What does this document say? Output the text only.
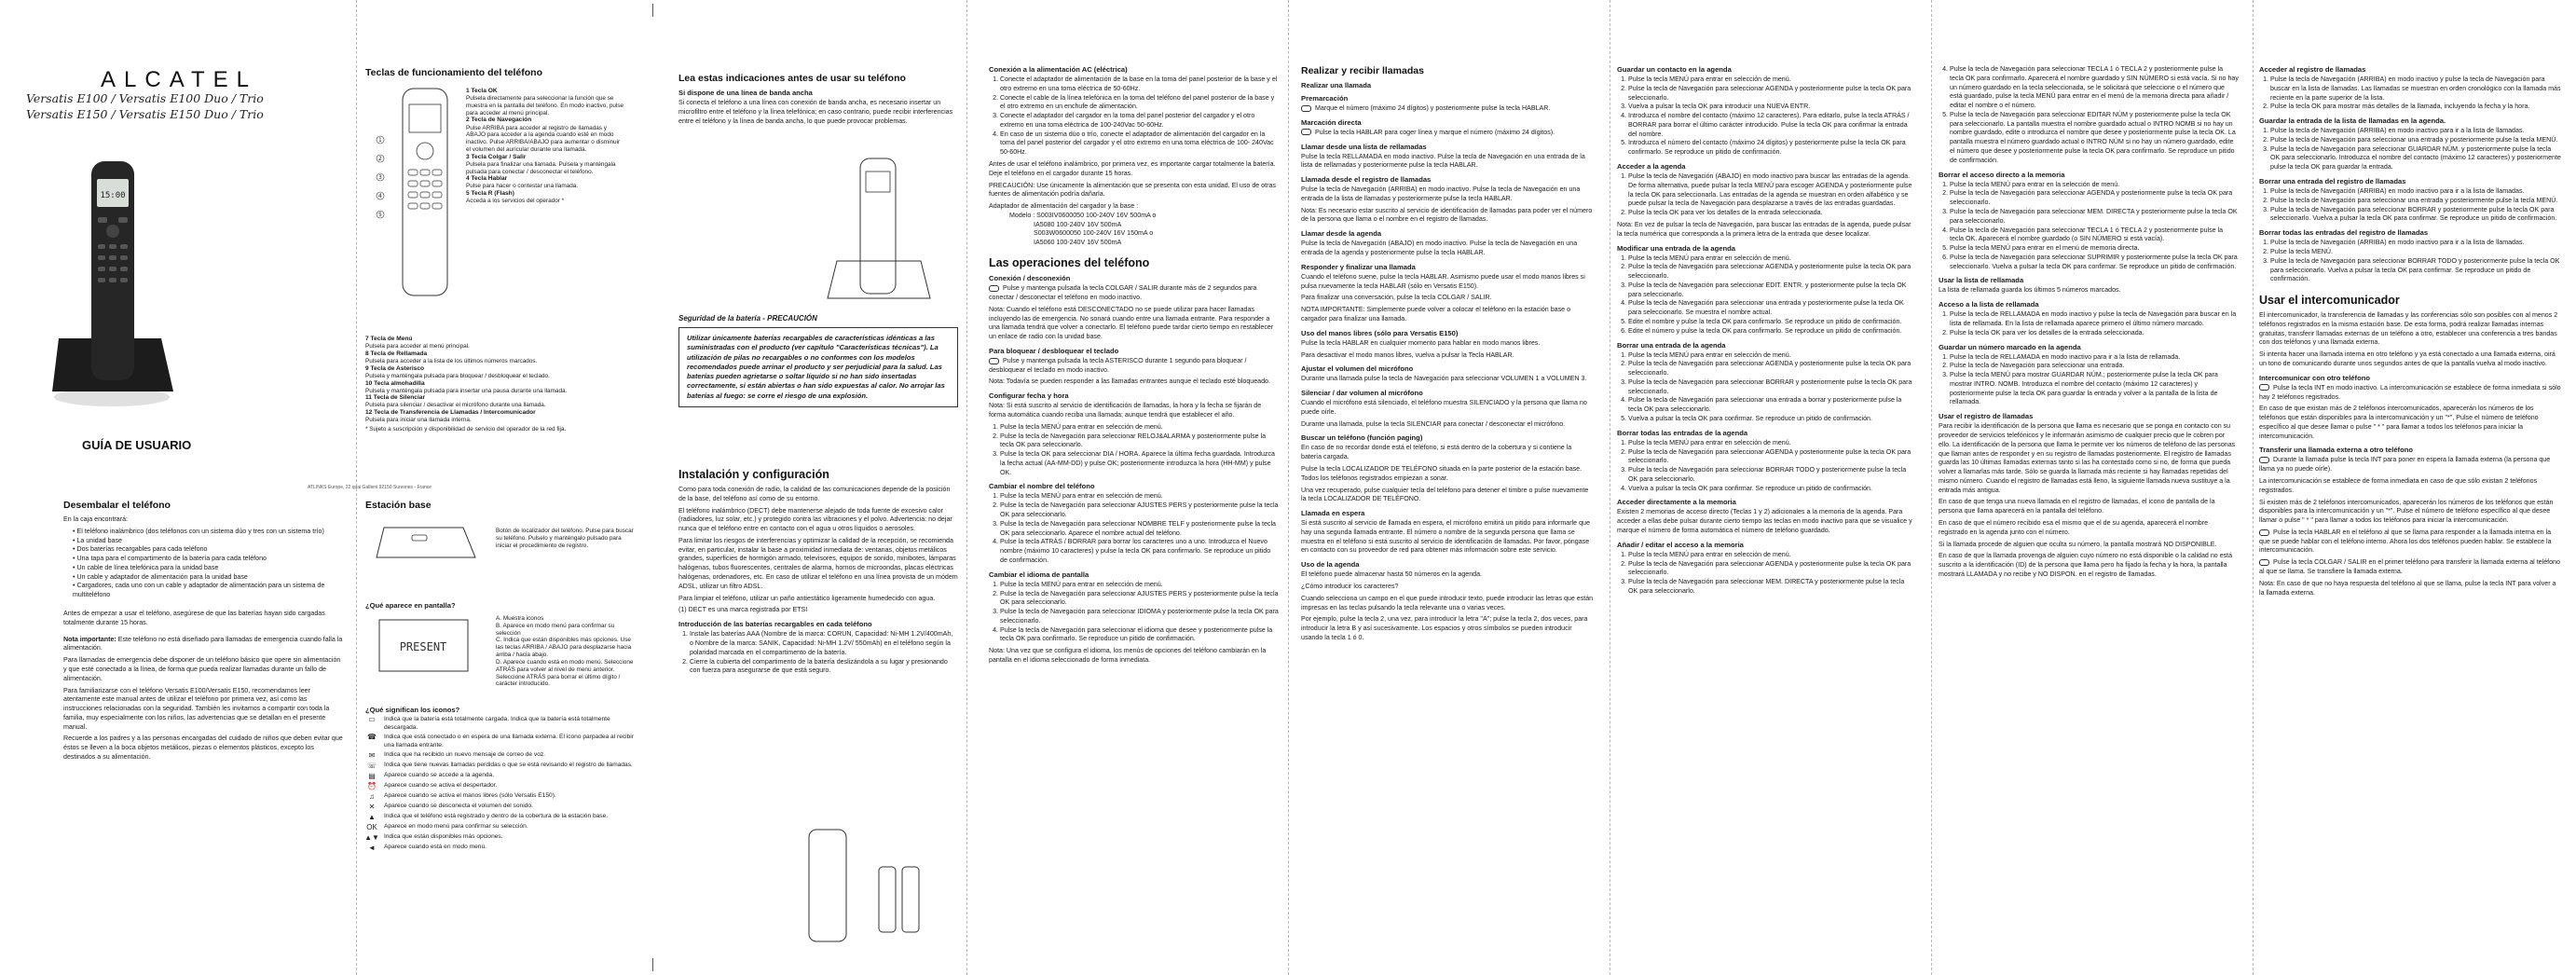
ALCATEL
Versatis E100 / Versatis E100 Duo / Trio
Versatis E150 / Versatis E150 Duo / Trio
15:00
GUÍA DE USUARIO
ATLINKS Europe, 22 quai Gallieni 92150 Suresnes - France
Desembalar el teléfono
En la caja encontrará:
• El teléfono inalámbrico (dos teléfonos con un sistema dúo y tres con un sistema trío)
• La unidad base
• Dos baterías recargables para cada teléfono
• Una tapa para el compartimento de la batería para cada teléfono
• Un cable de línea telefónica para la unidad base
• Un cable y adaptador de alimentación para la unidad base
• Cargadores, cada uno con un cable y adaptador de alimentación para un sistema de multiteléfono
Antes de empezar a usar el teléfono, asegúrese de que las baterías hayan sido cargadas totalmente durante 15 horas.
Nota importante: Este teléfono no está diseñado para llamadas de emergencia cuando falla la alimentación.
Para llamadas de emergencia debe disponer de un teléfono básico que opere sin alimentación y que esté conectado a la línea, de forma que pueda realizar llamadas durante un fallo de alimentación.
Para familiarizarse con el teléfono Versatis E100/Versatis E150, recomendamos leer atentamente este manual antes de utilizar el teléfono por primera vez, así como las instrucciones relacionadas con la seguridad. También les invitamos a compartir con toda la familia, muy especialmente con los niños, las advertencias que se detallan en el presente manual.
Recuerde a los padres y a las personas encargadas del cuidado de niños que deben evitar que éstos se lleven a la boca objetos metálicos, piezas o elementos plásticos, excepto los destinados a su alimentación.
Teclas de funcionamiento del teléfono
1
2
3
4
5
1 Tecla OK
Pulsela directamente para seleccionar la función que se muestra en la pantalla del teléfono. En modo inactivo, pulse para acceder al menú principal.
2 Tecla de Navegación
Pulse ARRIBA para acceder al registro de llamadas y ABAJO para acceder a la agenda cuando esté en modo inactivo. Pulse ARRIBA/ABAJO para aumentar o disminuir el volumen del auricular durante una llamada.
3 Tecla Colgar / Salir
Pulsela para finalizar una llamada. Pulsela y manténgala pulsada para conectar / desconectar el teléfono.
4 Tecla Hablar
Pulse para hacer o contestar una llamada.
5 Tecla R (Flash)
Acceda a los servicios del operador *
7 Tecla de Menú
Pulsela para acceder al menú principal.
8 Tecla de Rellamada
Pulsela para acceder a la lista de los últimos números marcados.
9 Tecla de Asterisco
Pulsela y manténgala pulsada para bloquear / desbloquear el teclado.
10 Tecla almohadilla
Pulsela y manténgala pulsada para insertar una pausa durante una llamada.
11 Tecla de Silenciar
Pulsela para silenciar / desactivar el micrófono durante una llamada.
12 Tecla de Transferencia de Llamadas / Intercomunicador
Pulsela para iniciar una llamada interna.
* Sujeto a suscripción y disponibilidad de servicio del operador de la red fija.
Estación base
Botón de localizador del teléfono. Pulse para buscar su teléfono. Pulselo y manténgalo pulsado para iniciar el procedimiento de registro.
¿Qué aparece en pantalla?
PRESENT
A. Muestra iconos
B. Aparece en modo menú para confirmar su selección
C. Indica que están disponibles más opciones. Use las teclas ARRIBA / ABAJO para desplazarse hacia arriba / hacia abajo.
D. Aparece cuando está en modo menú. Seleccione ATRÁS para volver al nivel de menú anterior. Seleccione ATRÁS para borrar el último dígito / carácter introducido.
¿Qué significan los iconos?
▭	Indica que la batería está totalmente cargada. Indica que la batería está totalmente descargada.
☎	Indica que está conectado o en espera de una llamada externa. El icono parpadea al recibir una llamada entrante.
✉	Indica que ha recibido un nuevo mensaje de correo de voz.
☏	Indica que tiene nuevas llamadas perdidas o que se está revisando el registro de llamadas.
▤	Aparece cuando se accede a la agenda.
⏰	Aparece cuando se activa el despertador.
♫	Aparece cuando se activa el manos libres (sólo Versatis E150).
✕	Aparece cuando se desconecta el volumen del sonido.
▲	Indica que el teléfono está registrado y dentro de la cobertura de la estación base.
OK Aparece en modo menú para confirmar su selección.
▲▼ Indica que están disponibles más opciones.
◄	Aparece cuando está en modo menú.
Lea estas indicaciones antes de usar su teléfono
Si dispone de una línea de banda ancha
Si conecta el teléfono a una línea con conexión de banda ancha, es necesario insertar un microfiltro entre el teléfono y la línea telefónica; en caso contrario, puede recibir interferencias entre el teléfono y la línea de banda ancha, lo que puede provocar problemas.
Seguridad de la batería - PRECAUCIÓN
Utilizar únicamente baterías recargables de características idénticas a las suministradas con el producto (ver capítulo "Características técnicas"). La utilización de pilas no recargables o no conformes con los modelos recomendados puede arrinar el producto y ser perjudicial para la salud. Las baterías pueden agrietarse o soltar líquido si no han sido insertadas correctamente, si están abiertas o han sido expuestas al calor. No arrojar las baterías al fuego: se corre el riesgo de una explosión.
Instalación y configuración
Como para toda conexión de radio, la calidad de las comunicaciones depende de la posición de la base, del teléfono así como de su entorno.
El teléfono inalámbrico (DECT) debe mantenerse alejado de toda fuente de excesivo calor (radiadores, luz solar, etc.) y protegido contra las vibraciones y el polvo. Advertencia: no dejar nunca que el teléfono entre en contacto con el agua u otros líquidos o aerosoles.
Para limitar los riesgos de interferencias y optimizar la calidad de la recepción, se recomienda evitar, en particular, instalar la base a proximidad inmediata de: ventanas, objetos metálicos grandes, superficies de hormigón armado, televisores, equipos de sonido, minibotes, lámparas halógenas, tubos fluorescentes, centrales de alarma, hornos de microondas, placas eléctricas halógenas, ordenadores, etc. En caso de utilizar el teléfono en una línea provista de un módem ADSL, utilizar un filtro ADSL.
Para limpiar el teléfono, utilizar un paño antiestático ligeramente humedecido con agua.
(1) DECT es una marca registrada por ETSI
Introducción de las baterías recargables en cada teléfono
1. Instale las baterías AAA (Nombre de la marca: CORUN, Capacidad: Ni-MH 1.2V/400mAh, o Nombre de la marca: SANIK, Capacidad: Ni-MH 1.2V/ 550mAh) en el teléfono según la polaridad marcada en el compartimento de la batería.
2. Cierre la cubierta del compartimento de la batería deslizándola a su lugar y presionando con fuerza para asegurarse de que está seguro.
Conexión a la alimentación AC (eléctrica)
1. Conecte el adaptador de alimentación de la base en la toma del panel posterior de la base y el otro extremo en una toma eléctrica de 50-60Hz.
2. Conecte el cable de la línea telefónica en la toma del teléfono del panel posterior de la base y el otro extremo en un enchufe de alimentación.
3. Conecte el adaptador del cargador en la toma del panel posterior del cargador y el otro extremo en una toma eléctrica de 100-240Vac 50-60Hz.
4. En caso de un sistema dúo o trío, conecte el adaptador de alimentación del cargador en la toma del panel posterior del cargador y el otro extremo en una toma eléctrica de 100- 240Vac 50-60Hz.
Antes de usar el teléfono inalámbrico, por primera vez, es importante cargar totalmente la batería. Deje el teléfono en el cargador durante 15 horas.
PRECAUCIÓN: Use únicamente la alimentación que se presenta con esta unidad. El uso de otras fuentes de alimentación podría dañarla.
Adaptador de alimentación del cargador y la base :
Modelo : S003IV0600050 100-240V 16V 500mA o
IA5080 100-240V 16V 500mA
S003W0600050 100-240V 16V 150mA o
IA5060 100-240V 16V 500mA
Las operaciones del teléfono
Conexión / desconexión
Pulse y mantenga pulsada la tecla COLGAR / SALIR durante más de 2 segundos para conectar / desconectar el teléfono en modo inactivo.
Nota: Cuando el teléfono está DESCONECTADO no se puede utilizar para hacer llamadas incluyendo las de emergencia. No sonará cuando entre una llamada entrante. Para responder a una llamada tendrá que volver a conectarlo. El teléfono puede tardar cierto tiempo en restablecer un enlace de radio con la unidad base.
Para bloquear / desbloquear el teclado
Pulse y mantenga pulsada la tecla ASTERISCO durante 1 segundo para bloquear / desbloquear el teclado en modo inactivo.
Nota: Todavía se pueden responder a las llamadas entrantes aunque el teclado esté bloqueado.
Configurar fecha y hora
Nota: Si está suscrito al servicio de identificación de llamadas, la hora y la fecha se fijarán de forma automática cuando reciba una llamada; aunque tendrá que establecer el año.
1. Pulse la tecla MENÚ para entrar en selección de menú.
2. Pulse la tecla de Navegación para seleccionar RELOJ&ALARMA y posteriormente pulse la tecla OK para seleccionarlo.
3. Pulse la tecla OK para seleccionar DIA / HORA. Aparece la última fecha guardada. Introduzca la fecha actual (AA-MM-DD) y pulse OK; posteriormente introduzca la hora (HH-MM) y pulse OK.
Cambiar el nombre del teléfono
1. Pulse la tecla MENÚ para entrar en selección de menú.
2. Pulse la tecla de Navegación para seleccionar AJUSTES PERS y posteriormente pulse la tecla OK para seleccionarlo.
3. Pulse la tecla de Navegación para seleccionar NOMBRE TELF y posteriormente pulse la tecla OK para seleccionarlo. Aparece el nombre actual del teléfono.
4. Pulse la tecla ATRÁS / BORRAR para borrar los caracteres uno a uno. Introduzca el Nuevo nombre (máximo 10 caracteres) y pulse la tecla OK para confirmarlo. Se reproduce un pitido de confirmación.
Cambiar el idioma de pantalla
1. Pulse la tecla MENÚ para entrar en selección de menú.
2. Pulse la tecla de Navegación para seleccionar AJUSTES PERS y posteriormente pulse la tecla OK para seleccionarlo.
3. Pulse la tecla de Navegación para seleccionar IDIOMA y posteriormente pulse la tecla OK para seleccionarlo.
4. Pulse la tecla de Navegación para seleccionar el idioma que desee y posteriormente pulse la tecla OK para confirmarlo. Se reproduce un pitido de confirmación.
Nota: Una vez que se configura el idioma, los menús de opciones del teléfono cambiarán en la pantalla en el idioma seleccionado de forma inmediata.
Realizar y recibir llamadas
Realizar una llamada
Premarcación
Marque el número (máximo 24 dígitos) y posteriormente pulse la tecla HABLAR.
Marcación directa
Pulse la tecla HABLAR para coger línea y marque el número (máximo 24 dígitos).
Llamar desde una lista de rellamadas
Pulse la tecla RELLAMADA en modo inactivo. Pulse la tecla de Navegación en una entrada de la lista de rellamadas y posteriormente pulse la tecla HABLAR.
Llamada desde el registro de llamadas
Pulse la tecla de Navegación (ARRIBA) en modo inactivo. Pulse la tecla de Navegación en una entrada de la lista de llamadas y posteriormente pulse la tecla HABLAR.
Nota: Es necesario estar suscrito al servicio de identificación de llamadas para poder ver el número de la persona que llama o el nombre en el registro de llamadas.
Llamar desde la agenda
Pulse la tecla de Navegación (ABAJO) en modo inactivo. Pulse la tecla de Navegación en una entrada de la agenda y posteriormente pulse la tecla HABLAR.
Responder y finalizar una llamada
Cuando el teléfono suene, pulse la tecla HABLAR. Asimismo puede usar el modo manos libres si pulsa nuevamente la tecla HABLAR (sólo en Versatis E150).
Para finalizar una conversación, pulse la tecla COLGAR / SALIR.
NOTA IMPORTANTE: Simplemente puede volver a colocar el teléfono en la estación base o cargador para finalizar una llamada.
Uso del manos libres (sólo para Versatis E150)
Pulse la tecla HABLAR en cualquier momento para hablar en modo manos libres.
Para desactivar el modo manos libres, vuelva a pulsar la Tecla HABLAR.
Ajustar el volumen del micrófono
Durante una llamada pulse la tecla de Navegación para seleccionar VOLUMEN 1 a VOLUMEN 3.
Silenciar / dar volumen al micrófono
Cuando el micrófono está silenciado, el teléfono muestra SILENCIADO y la persona que llama no puede oírle.
Durante una llamada, pulse la tecla SILENCIAR para conectar / desconectar el micrófono.
Buscar un teléfono (función paging)
En caso de no recordar donde está el teléfono, si está dentro de la cobertura y si contiene la batería cargada.
Pulse la tecla LOCALIZADOR DE TELÉFONO situada en la parte posterior de la estación base. Todos los teléfonos registrados empiezan a sonar.
Una vez recuperado, pulse cualquier tecla del teléfono para detener el timbre o pulse nuevamente la tecla LOCALIZADOR DE TELÉFONO.
Llamada en espera
Si está suscrito al servicio de llamada en espera, el micrófono emitirá un pitido para informarle que hay una segunda llamada entrante. El número o nombre de la segunda persona que llama se muestra en el teléfono si está suscrito al servicio de identificación de llamadas. Por favor, póngase en contacto con su proveedor de red para obtener más información sobre este servicio.
Uso de la agenda
El teléfono puede almacenar hasta 50 números en la agenda.
¿Cómo introducir los caracteres?
Cuando selecciona un campo en el que puede introducir texto, puede introducir las letras que están impresas en las teclas pulsando la tecla relevante una o varias veces.
Por ejemplo, pulse la tecla 2, una vez, para introducir la letra "A"; pulse la tecla 2, dos veces, para introducir la letra B y así sucesivamente. Los espacios y otros símbolos se pueden introducir usando la tecla 1 ó 0.
Guardar un contacto en la agenda
1. Pulse la tecla MENÚ para entrar en selección de menú.
2. Pulse la tecla de Navegación para seleccionar AGENDA y posteriormente pulse la tecla OK para seleccionarlo.
3. Vuelva a pulsar la tecla OK para introducir una NUEVA ENTR.
4. Introduzca el nombre del contacto (máximo 12 caracteres). Para editarlo, pulse la tecla ATRÁS / BORRAR para borrar el último carácter introducido. Pulse la tecla OK para confirmar la entrada del nombre.
5. Introduzca el número del contacto (máximo 24 dígitos) y posteriormente pulse la tecla OK para confirmarlo. Se reproduce un pitido de confirmación.
Acceder a la agenda
1. Pulse la tecla de Navegación (ABAJO) en modo inactivo para buscar las entradas de la agenda. De forma alternativa, puede pulsar la tecla MENÚ para escoger AGENDA y posteriormente pulse la tecla OK para seleccionarla. Las entradas de la agenda se muestran en orden alfabético y se puede pulsar la tecla de Navegación para desplazarse a través de las entradas guardadas.
2. Pulse la tecla OK para ver los detalles de la entrada seleccionada.
Nota: En vez de pulsar la tecla de Navegación, para buscar las entradas de la agenda, puede pulsar la tecla numérica que corresponda a la primera letra de la entrada que desee localizar.
Modificar una entrada de la agenda
1. Pulse la tecla MENÚ para entrar en selección de menú.
2. Pulse la tecla de Navegación para seleccionar AGENDA y posteriormente pulse la tecla OK para seleccionarlo.
3. Pulse la tecla de Navegación para seleccionar EDIT. ENTR. y posteriormente pulse la tecla OK para seleccionarlo.
4. Pulse la tecla de Navegación para seleccionar una entrada y posteriormente pulse la tecla OK para seleccionarlo. Se muestra el nombre actual.
5. Edite el nombre y pulse la tecla OK para confirmarlo. Se reproduce un pitido de confirmación.
6. Edite el número y pulse la tecla OK para confirmarlo. Se reproduce un pitido de confirmación.
Borrar una entrada de la agenda
1. Pulse la tecla MENÚ para entrar en selección de menú.
2. Pulse la tecla de Navegación para seleccionar AGENDA y posteriormente pulse la tecla OK para seleccionarlo.
3. Pulse la tecla de Navegación para seleccionar BORRAR y posteriormente pulse la tecla OK para seleccionarlo.
4. Pulse la tecla de Navegación para seleccionar una entrada a borrar y posteriormente pulse la tecla OK para seleccionarlo.
5. Vuelva a pulsar la tecla OK para confirmar. Se reproduce un pitido de confirmación.
Borrar todas las entradas de la agenda
1. Pulse la tecla MENÚ para entrar en selección de menú.
2. Pulse la tecla de Navegación para seleccionar AGENDA y posteriormente pulse la tecla OK para seleccionarlo.
3. Pulse la tecla de Navegación para seleccionar BORRAR TODO y posteriormente pulse la tecla OK para seleccionarlo.
4. Vuelva a pulsar la tecla OK para confirmar. Se reproduce un pitido de confirmación.
Acceder directamente a la memoria
Existen 2 memorias de acceso directo (Teclas 1 y 2) adicionales a la memoria de la agenda. Para acceder a ellas debe pulsar durante cierto tiempo las teclas en modo inactivo para que se visualice y marque el número de forma automática el número de teléfono guardado.
Añadir / editar el acceso a la memoria
1. Pulse la tecla MENÚ para entrar en selección de menú.
2. Pulse la tecla de Navegación para seleccionar AGENDA y posteriormente pulse la tecla OK para seleccionarlo.
3. Pulse la tecla de Navegación para seleccionar MEM. DIRECTA y posteriormente pulse la tecla OK para seleccionarlo.
4. Pulse la tecla de Navegación para seleccionar TECLA 1 ó TECLA 2 y posteriormente pulse la tecla OK para confirmarlo. Aparecerá el nombre guardado y SIN NÚMERO si está vacía. Si no hay un número guardado en la tecla seleccionada, se le solicitará que seleccione o el número que está guardado, pulse la tecla MENÚ para entrar en el menú de la memoria directa para añadir / editar el nombre o el número.
5. Pulse la tecla de Navegación para seleccionar EDITAR NÚM y posteriormente pulse la tecla OK para seleccionarlo. La pantalla muestra el nombre guardado actual o INTRO NOMB si no hay un nombre guardado, edite o introduzca el nombre que desee y posteriormente pulse la tecla OK. La pantalla muestra el número guardado actual o INTRO NÚM si no hay un número guardado, edite el número que desee y posteriormente pulse la tecla OK para confirmarlo. Se reproduce un pitido de confirmación.
Borrar el acceso directo a la memoria
1. Pulse la tecla MENÚ para entrar en la selección de menú.
2. Pulse la tecla de Navegación para seleccionar AGENDA y posteriormente pulse la tecla OK para seleccionarlo.
3. Pulse la tecla de Navegación para seleccionar MEM. DIRECTA y posteriormente pulse la tecla OK para seleccionarlo.
4. Pulse la tecla de Navegación para seleccionar TECLA 1 ó TECLA 2 y posteriormente pulse la tecla OK. Aparecerá el nombre guardado (o SIN NÚMERO si está vacía).
5. Pulse la tecla MENÚ para entrar en el menú de memoria directa.
6. Pulse la tecla de Navegación para seleccionar SUPRIMIR y posteriormente pulse la tecla OK para seleccionarlo. Vuelva a pulsar la tecla OK para confirmar. Se reproduce un pitido de confirmación.
Usar la lista de rellamada
La lista de rellamada guarda los últimos 5 números marcados.
Acceso a la lista de rellamada
1. Pulse la tecla de RELLAMADA en modo inactivo y pulse la tecla de Navegación para buscar en la lista de rellamada. En la lista de rellamada aparece primero el último número marcado.
2. Pulse la tecla OK para ver los detalles de la entrada seleccionada.
Guardar un número marcado en la agenda
1. Pulse la tecla de RELLAMADA en modo inactivo para ir a la lista de rellamada.
2. Pulse la tecla de Navegación para seleccionar una entrada.
3. Pulse la tecla MENÚ para mostrar GUARDAR NÚM.; posteriormente pulse la tecla OK para mostrar INTRO. NOMB. Introduzca el nombre del contacto (máximo 12 caracteres) y posteriormente pulse la tecla OK para guardar la entrada y volver a la pantalla de la lista de rellamada.
Usar el registro de llamadas
Para recibir la identificación de la persona que llama es necesario que se ponga en contacto con su proveedor de servicios telefónicos y le informarán asimismo de cualquier precio que le cobren por ello. La identificación de la persona que llama le permite ver los números de teléfono de las personas que llaman antes de responder y en su registro de llamadas posteriormente. El registro de llamadas guarda las 10 últimas llamadas externas tanto si las ha contestado como si no, de forma que pueda volver a llamarlas más tarde. Sólo se guarda la llamada más reciente si hay llamadas repetidas del mismo número. Cuando el registro de llamadas está lleno, la siguiente llamada nueva sustituye a la entrada más antigua.
En caso de que tenga una nueva llamada en el registro de llamadas, el icono de pantalla de la persona que llama aparecerá en la pantalla del teléfono.
En caso de que el número recibido esa el mismo que el de su agenda, aparecerá el nombre registrado en la agenda junto con el número.
Si la llamada procede de alguien que oculta su número, la pantalla mostrará NO DISPONIBLE.
En caso de que la llamada provenga de alguien cuyo número no está disponible o la calidad no está suscrito a la identificación (ID) de la persona que llama pero ha fijado la fecha y la hora, la pantalla mostrará LLAMADA y no recibe y NO DISPON. en el registro de llamadas.
Acceder al registro de llamadas
1. Pulse la tecla de Navegación (ARRIBA) en modo inactivo y pulse la tecla de Navegación para buscar en la lista de llamadas. Las llamadas se muestran en orden cronológico con la llamada más reciente en la parte superior de la lista.
2. Pulse la tecla OK para mostrar más detalles de la llamada, incluyendo la fecha y la hora.
Guardar la entrada de la lista de llamadas en la agenda.
1. Pulse la tecla de Navegación (ARRIBA) en modo inactivo para ir a la lista de llamadas.
2. Pulse la tecla de Navegación para seleccionar una entrada y posteriormente pulse la tecla MENÚ.
3. Pulse la tecla de Navegación para seleccionar GUARDAR NÚM. y posteriormente pulse la tecla OK para seleccionarlo. Introduzca el nombre del contacto (máximo 12 caracteres) y posteriormente pulse la tecla OK para guardar la entrada.
Borrar una entrada del registro de llamadas
1. Pulse la tecla de Navegación (ARRIBA) en modo inactivo para ir a la lista de llamadas.
2. Pulse la tecla de Navegación para seleccionar una entrada y posteriormente pulse la tecla MENÚ.
3. Pulse la tecla de Navegación para seleccionar BORRAR y posteriormente pulse la tecla OK para seleccionarlo. Vuelva a pulsar la tecla OK para confirmar. Se reproduce un pitido de confirmación.
Borrar todas las entradas del registro de llamadas
1. Pulse la tecla de Navegación (ARRIBA) en modo inactivo para ir a la lista de llamadas.
2. Pulse la tecla MENÚ.
3. Pulse la tecla de Navegación para seleccionar BORRAR TODO y posteriormente pulse la tecla OK para seleccionarlo. Vuelva a pulsar la tecla OK para confirmar. Se reproduce un pitido de confirmación.
Usar el intercomunicador
El intercomunicador, la transferencia de llamadas y las conferencias sólo son posibles con al menos 2 teléfonos registrados en la misma estación base. De esta forma, podrá realizar llamadas internas gratuitas, transferir llamadas externas de un teléfono a otro, establecer una conferencia a tres bandas con dos teléfonos y una llamada externa.
Si intenta hacer una llamada interna en otro teléfono y ya está conectado a una llamada externa, oirá un tono de comunicando durante unos segundos antes de que la pantalla vuelva al modo inactivo.
Intercomunicar con otro teléfono
Pulse la tecla INT en modo inactivo. La intercomunicación se establece de forma inmediata si sólo hay 2 teléfonos registrados.
En caso de que existan más de 2 teléfonos intercomunicados, aparecerán los números de los teléfonos que están disponibles para la intercomunicación y un "*", Pulse el número de teléfono específico al que desee llamar o pulse " * " para llamar a todos los teléfonos para iniciar la intercomunicación.
Transferir una llamada externa a otro teléfono
Durante la llamada pulse la tecla INT para poner en espera la llamada externa (la persona que llama ya no puede oírle).
La intercomunicación se establece de forma inmediata en caso de que sólo existan 2 teléfonos registrados.
Si existen más de 2 teléfonos intercomunicados, aparecerán los números de los teléfonos que están disponibles para la intercomunicación y un "*". Pulse el número de teléfono específico al que desee llamar o pulse " * " para llamar a todos los teléfonos para iniciar la intercomunicación.
Pulse la tecla HABLAR en el teléfono al que se llama para responder a la llamada interna en la que se puede hablar con el teléfono interno. Ahora los dos teléfonos pueden hablar. Se establece la intercomunicación.
Pulse la tecla COLGAR / SALIR en el primer teléfono para transferir la llamada externa al teléfono al que se llama. Se transfiere la llamada externa.
Nota: En caso de que no haya respuesta del teléfono al que se llama, pulse la tecla INT para volver a la llamada externa.
